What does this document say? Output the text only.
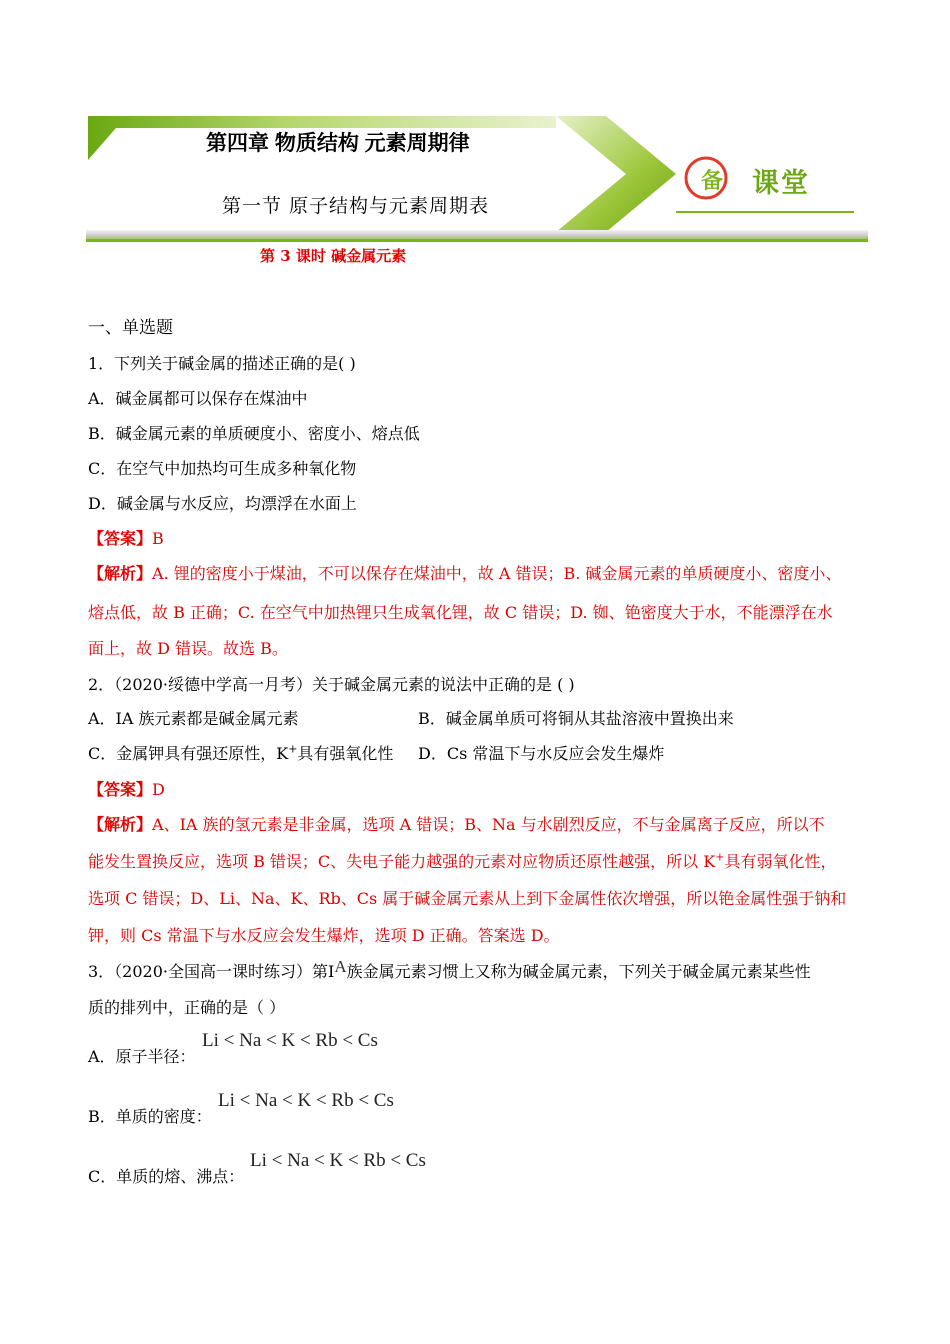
第四章 物质结构 元素周期律
第一节 原子结构与元素周期表
备 课堂
第 3 课时 碱金属元素
一、单选题
1．下列关于碱金属的描述正确的是( )
A．碱金属都可以保存在煤油中
B．碱金属元素的单质硬度小、密度小、熔点低
C．在空气中加热均可生成多种氧化物
D．碱金属与水反应，均漂浮在水面上
【答案】B
【解析】A. 锂的密度小于煤油，不可以保存在煤油中，故 A 错误；B. 碱金属元素的单质硬度小、密度小、
熔点低，故 B 正确；C. 在空气中加热锂只生成氧化锂，故 C 错误；D. 铷、铯密度大于水，不能漂浮在水
面上，故 D 错误。故选 B。
2．（2020·绥德中学高一月考）关于碱金属元素的说法中正确的是 ( )
A．ⅠA 族元素都是碱金属元素	B．碱金属单质可将铜从其盐溶液中置换出来
C．金属钾具有强还原性，K+具有强氧化性 D．Cs 常温下与水反应会发生爆炸
【答案】D
【解析】A、ⅠA 族的氢元素是非金属，选项 A 错误；B、Na 与水剧烈反应，不与金属离子反应，所以不
能发生置换反应，选项 B 错误；C、失电子能力越强的元素对应物质还原性越强，所以 K+具有弱氧化性，
选项 C 错误；D、Li、Na、K、Rb、Cs 属于碱金属元素从上到下金属性依次增强，所以铯金属性强于钠和
钾，则 Cs 常温下与水反应会发生爆炸，选项 D 正确。答案选 D。
3．（2020·全国高一课时练习）第ⅠA族金属元素习惯上又称为碱金属元素，下列关于碱金属元素某些性
质的排列中，正确的是（ ）
A．原子半径：
Li < Na < K < Rb < Cs
B．单质的密度：
Li < Na < K < Rb < Cs
C．单质的熔、沸点：
Li < Na < K < Rb < Cs
